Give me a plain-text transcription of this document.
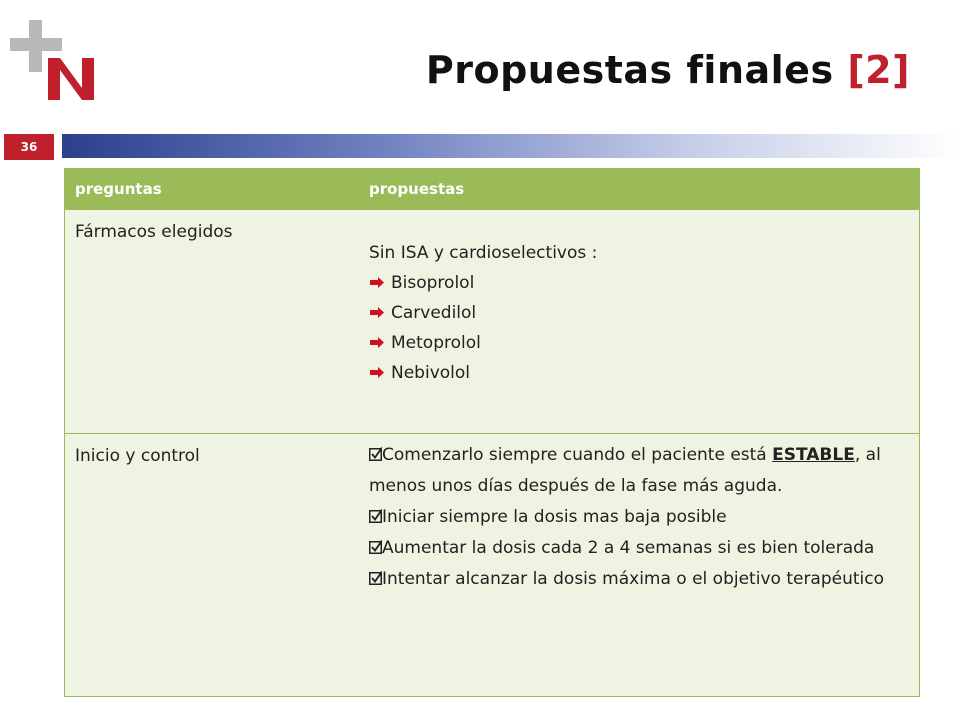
Propuestas finales [2]
36
preguntas	propuestas
Fármacos elegidos	Sin ISA y cardioselectivos :
Bisoprolol
Carvedilol
Metoprolol
Nebivolol

Inicio y control	Comenzarlo siempre cuando el paciente está ESTABLE, al menos unos días después de la fase más aguda.
Iniciar siempre la dosis mas baja posible
Aumentar la dosis cada 2 a 4 semanas si es bien tolerada
Intentar alcanzar la dosis máxima o el objetivo terapéutico
